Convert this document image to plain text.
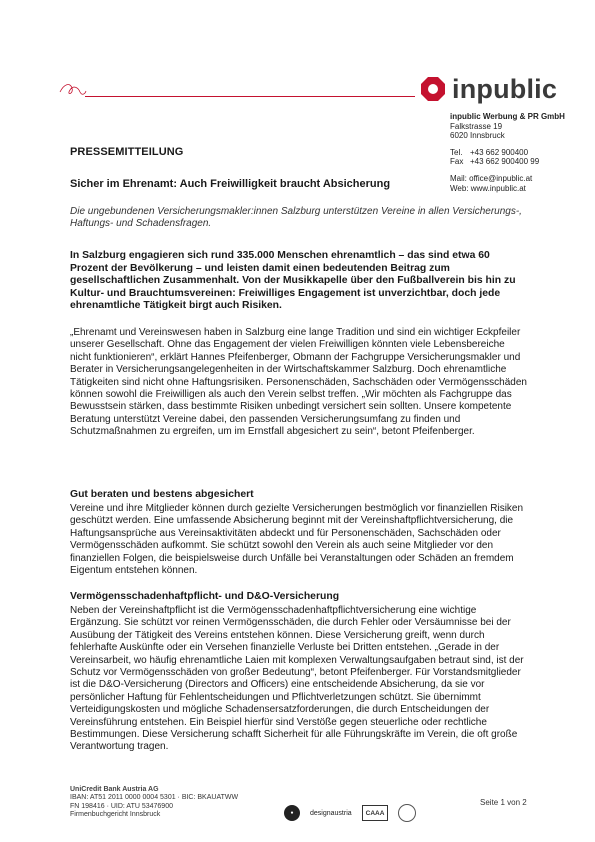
inpublic
inpublic Werbung & PR GmbH
Falkstrasse 19
6020 Innsbruck
Tel. +43 662 900400
Fax +43 662 900400 99
Mail: office@inpublic.at
Web: www.inpublic.at
PRESSEMITTEILUNG
Sicher im Ehrenamt: Auch Freiwilligkeit braucht Absicherung
Die ungebundenen Versicherungsmakler:innen Salzburg unterstützen Vereine in allen Versicherungs-, Haftungs- und Schadensfragen.
In Salzburg engagieren sich rund 335.000 Menschen ehrenamtlich – das sind etwa 60 Prozent der Bevölkerung – und leisten damit einen bedeutenden Beitrag zum gesellschaftlichen Zusammenhalt. Von der Musikkapelle über den Fußballverein bis hin zu Kultur- und Brauchtumsvereinen: Freiwilliges Engagement ist unverzichtbar, doch jede ehrenamtliche Tätigkeit birgt auch Risiken.
„Ehrenamt und Vereinswesen haben in Salzburg eine lange Tradition und sind ein wichtiger Eckpfeiler unserer Gesellschaft. Ohne das Engagement der vielen Freiwilligen könnten viele Lebensbereiche nicht funktionieren“, erklärt Hannes Pfeifenberger, Obmann der Fachgruppe Versicherungsmakler und Berater in Versicherungsangelegenheiten in der Wirtschaftskammer Salzburg. Doch ehrenamtliche Tätigkeiten sind nicht ohne Haftungsrisiken. Personenschäden, Sachschäden oder Vermögensschäden können sowohl die Freiwilligen als auch den Verein selbst treffen. „Wir möchten als Fachgruppe das Bewusstsein stärken, dass bestimmte Risiken unbedingt versichert sein sollten. Unsere kompetente Beratung unterstützt Vereine dabei, den passenden Versicherungsumfang zu finden und Schutzmaßnahmen zu ergreifen, um im Ernstfall abgesichert zu sein“, betont Pfeifenberger.
Gut beraten und bestens abgesichert
Vereine und ihre Mitglieder können durch gezielte Versicherungen bestmöglich vor finanziellen Risiken geschützt werden. Eine umfassende Absicherung beginnt mit der Vereinshaftpflichtversicherung, die Haftungsansprüche aus Vereinsaktivitäten abdeckt und für Personenschäden, Sachschäden oder Vermögensschäden aufkommt. Sie schützt sowohl den Verein als auch seine Mitglieder vor den finanziellen Folgen, die beispielsweise durch Unfälle bei Veranstaltungen oder Schäden an fremdem Eigentum entstehen können.
Vermögensschadenhaftpflicht- und D&O-Versicherung
Neben der Vereinshaftpflicht ist die Vermögensschadenhaftpflichtversicherung eine wichtige Ergänzung. Sie schützt vor reinen Vermögensschäden, die durch Fehler oder Versäumnisse bei der Ausübung der Tätigkeit des Vereins entstehen können. Diese Versicherung greift, wenn durch fehlerhafte Auskünfte oder ein Versehen finanzielle Verluste bei Dritten entstehen. „Gerade in der Vereinsarbeit, wo häufig ehrenamtliche Laien mit komplexen Verwaltungsaufgaben betraut sind, ist der Schutz vor Vermögensschäden von großer Bedeutung“, betont Pfeifenberger. Für Vorstandsmitglieder ist die D&O-Versicherung (Directors and Officers) eine entscheidende Absicherung, da sie vor persönlicher Haftung für Fehlentscheidungen und Pflichtverletzungen schützt. Sie übernimmt Verteidigungskosten und mögliche Schadensersatzforderungen, die durch Entscheidungen der Vereinsführung entstehen. Ein Beispiel hierfür sind Verstöße gegen steuerliche oder rechtliche Bestimmungen. Diese Versicherung schafft Sicherheit für alle Führungskräfte im Verein, die oft große Verantwortung tragen.
UniCredit Bank Austria AG
IBAN: AT51 2011 0000 0004 5301 · BIC: BKAUATWW
FN 198416 · UID: ATU 53476900
Firmenbuchgericht Innsbruck	●	designaustria	CAAA
Seite 1 von 2
